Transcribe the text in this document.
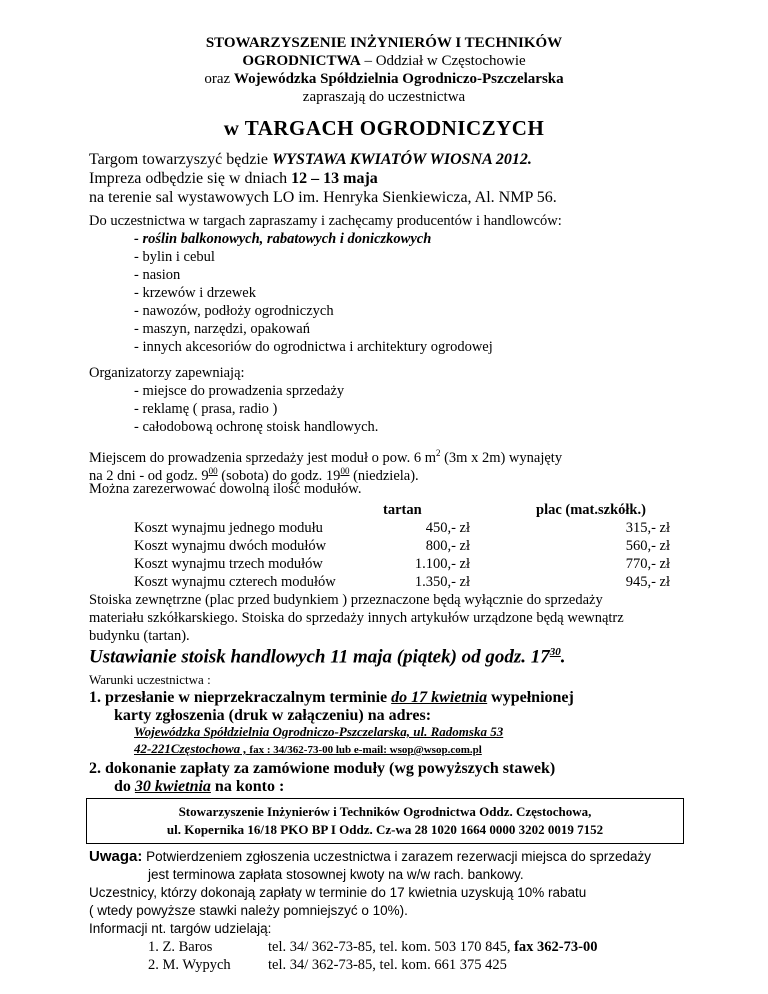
STOWARZYSZENIE INŻYNIERÓW I TECHNIKÓW
OGRODNICTWA – Oddział w Częstochowie
oraz Wojewódzka Spółdzielnia Ogrodniczo-Pszczelarska
zapraszają do uczestnictwa
w TARGACH OGRODNICZYCH
Targom towarzyszyć będzie WYSTAWA KWIATÓW WIOSNA 2012.
Impreza odbędzie się w dniach 12 – 13 maja
na terenie sal wystawowych LO im. Henryka Sienkiewicza, Al. NMP 56.
Do uczestnictwa w targach zapraszamy i zachęcamy producentów i handlowców:
- roślin balkonowych, rabatowych i doniczkowych
- bylin i cebul
- nasion
- krzewów i drzewek
- nawozów, podłoży ogrodniczych
- maszyn, narzędzi, opakowań
- innych akcesoriów do ogrodnictwa i architektury ogrodowej
Organizatorzy zapewniają:
- miejsce do prowadzenia sprzedaży
- reklamę ( prasa, radio )
- całodobową ochronę stoisk handlowych.
Miejscem do prowadzenia sprzedaży jest moduł o pow. 6 $m^2$ (3m x 2m) wynajęty
na 2 dni - od godz. $9^{00}$ (sobota) do godz. $19^{00}$ (niedziela).
Można zarezerwować dowolną ilość modułów.
tartan	plac (mat.szkółk.)
Koszt wynajmu jednego modułu	450,- zł	315,- zł
Koszt wynajmu dwóch modułów	800,- zł	560,- zł
Koszt wynajmu trzech modułów	1.100,- zł	770,- zł
Koszt wynajmu czterech modułów	1.350,- zł	945,- zł
Stoiska zewnętrzne (plac przed budynkiem ) przeznaczone będą wyłącznie do sprzedaży
materiału szkółkarskiego. Stoiska do sprzedaży innych artykułów urządzone będą wewnątrz
budynku (tartan).
Ustawianie stoisk handlowych 11 maja (piątek) od godz. $17^{30}$.
Warunki uczestnictwa :
1. przesłanie w nieprzekraczalnym terminie do 17 kwietnia wypełnionej
karty zgłoszenia (druk w załączeniu) na adres:
Wojewódzka Spółdzielnia Ogrodniczo-Pszczelarska, ul. Radomska 53
42-221Częstochowa , fax : 34/362-73-00 lub e-mail: wsop@wsop.com.pl
2. dokonanie zapłaty za zamówione moduły (wg powyższych stawek)
do 30 kwietnia na konto :
Stowarzyszenie Inżynierów i Techników Ogrodnictwa Oddz. Częstochowa,
ul. Kopernika 16/18 PKO BP I Oddz. Cz-wa 28 1020 1664 0000 3202 0019 7152
Uwaga: Potwierdzeniem zgłoszenia uczestnictwa i zarazem rezerwacji miejsca do sprzedaży
jest terminowa zapłata stosownej kwoty na w/w rach. bankowy.
Uczestnicy, którzy dokonają zapłaty w terminie do 17 kwietnia uzyskują 10% rabatu
( wtedy powyższe stawki należy pomniejszyć o 10%).
Informacji nt. targów udzielają:
1. Z. Baros	tel. 34/ 362-73-85, tel. kom. 503 170 845, fax 362-73-00
2. M. Wypych	tel. 34/ 362-73-85, tel. kom. 661 375 425
